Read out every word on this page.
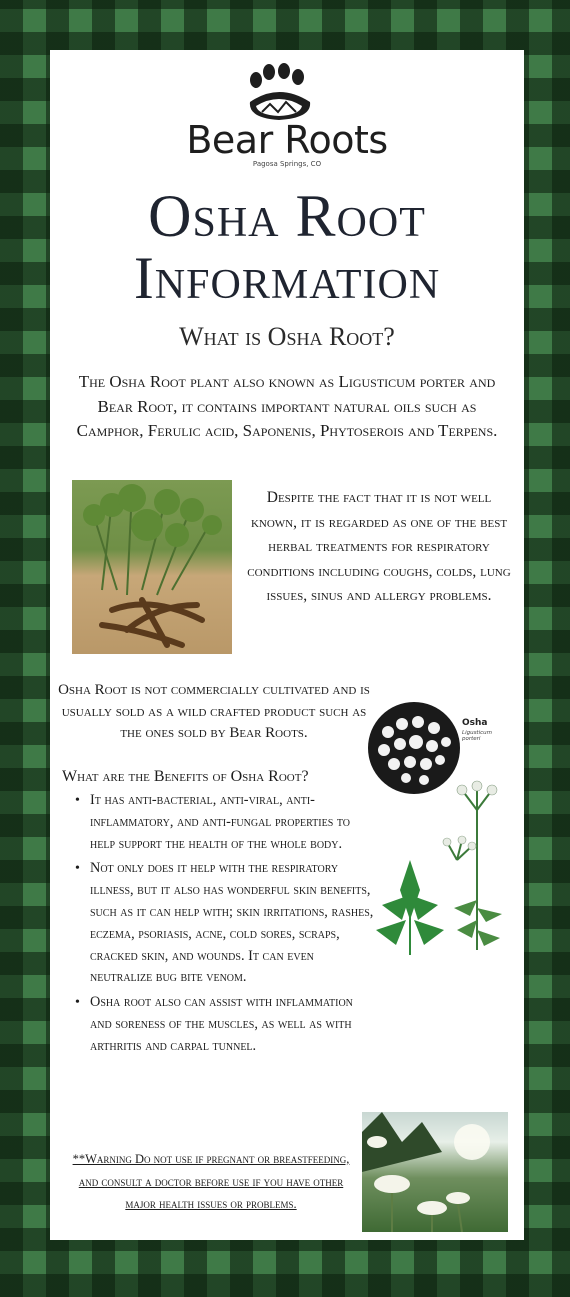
Bear Roots
Pagosa Springs, CO
Osha Root
Information
What is Osha Root?
The Osha Root plant also known as Ligusticum porter and Bear Root, it contains important natural oils such as Camphor, Ferulic acid, Saponenis, Phytoserois and Terpens.
Despite the fact that it is not well known, it is regarded as one of the best herbal treatments for respiratory conditions including coughs, colds, lung issues, sinus and allergy problems.
Osha Root is not commercially cultivated and is usually sold as a wild crafted product such as the ones sold by Bear Roots.
What are the Benefits of Osha Root?
• It has anti-bacterial, anti-viral, anti-inflammatory, and anti-fungal properties to help support the health of the whole body.
• Not only does it help with the respiratory illness, but it also has wonderful skin benefits, such as it can help with; skin irritations, rashes, eczema, psoriasis, acne, cold sores, scraps, cracked skin, and wounds. It can even neutralize bug bite venom.
• Osha root also can assist with inflammation and soreness of the muscles, as well as with arthritis and carpal tunnel.
Osha
Ligusticum porteri
**Warning Do not use if pregnant or breastfeeding, and consult a doctor before use if you have other major health issues or problems.
